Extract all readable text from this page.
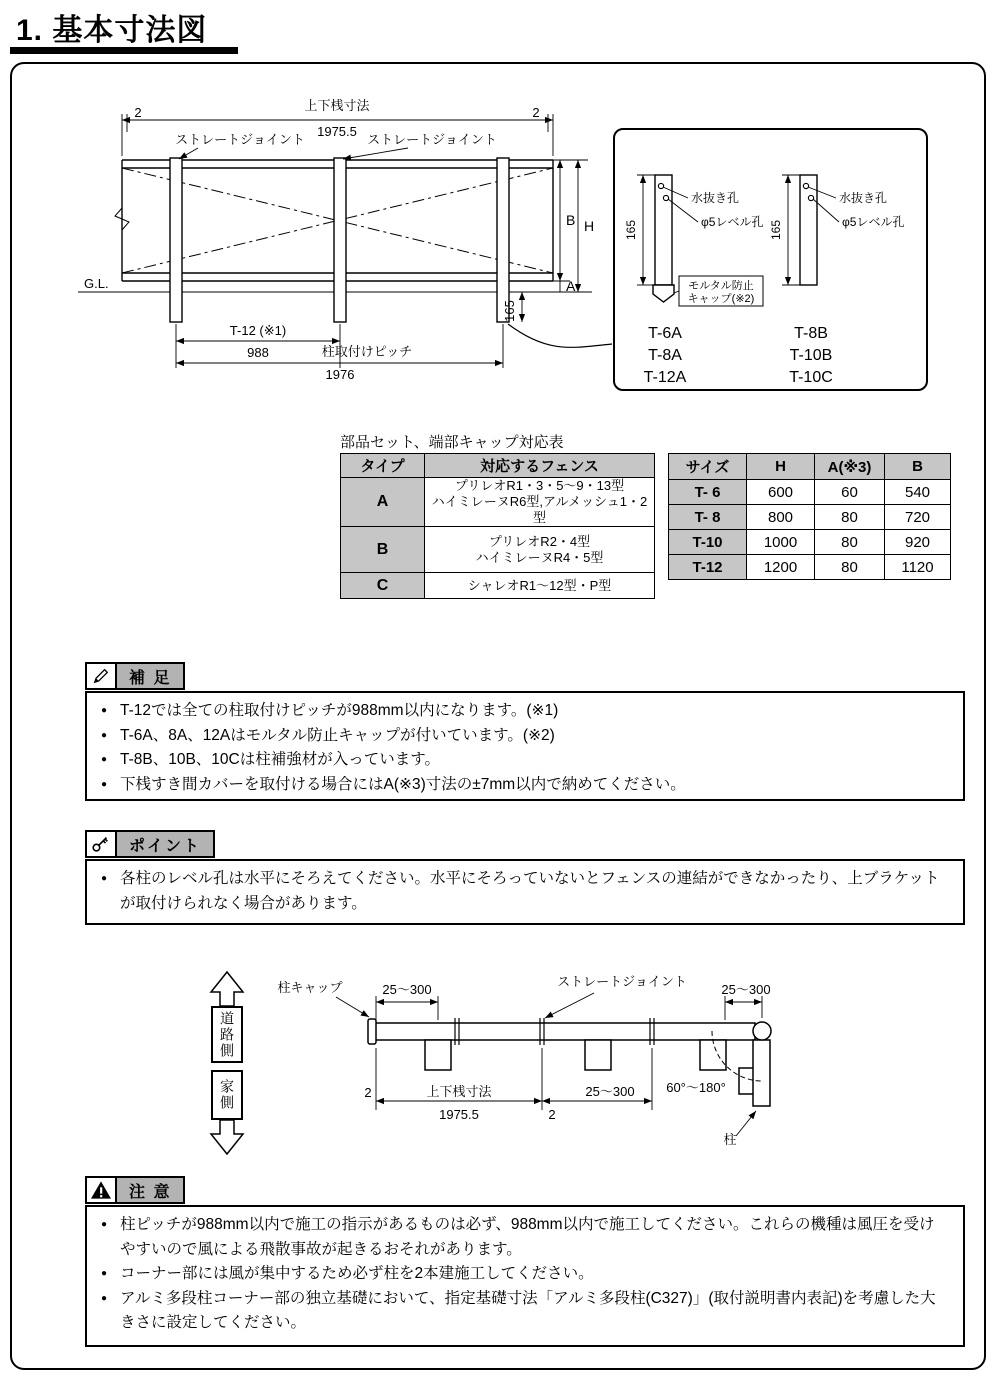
1. 基本寸法図
2	上下桟寸法
1975.5
2
ストレートジョイント	ストレートジョイント
G.L.
B H
A
165
T-12 (※1)
988	柱取付けピッチ
1976
水抜き孔
φ5レベル孔
165
モルタル防止
キャップ(※2)
水抜き孔
φ5レベル孔
165
T-6A
T-8A
T-12A
T-8B
T-10B
T-10C
部品セット、端部キャップ対応表
タイプ	対応するフェンス
A	プリレオR1・3・5〜9・13型
ハイミレーヌR6型,アルメッシュ1・2型

B	プリレオR2・4型
ハイミレーヌR4・5型

C	シャレオR1〜12型・P型
サイズ	H	A(※3)	B
T- 6	600	60	540
T- 8	800	80	720
T-10	1000	80	920
T-12	1200	80	1120
補 足
● T-12では全ての柱取付けピッチが988mm以内になります。(※1)
● T-6A、8A、12Aはモルタル防止キャップが付いています。(※2)
● T-8B、10B、10Cは柱補強材が入っています。
● 下桟すき間カバーを取付ける場合にはA(※3)寸法の±7mm以内で納めてください。
ポイント
● 各柱のレベル孔は水平にそろえてください。水平にそろっていないとフェンスの連結ができなかったり、上ブラケットが取付けられなく場合があります。
柱キャップ	25〜300
ストレートジョイント
25〜300
2	上下桟寸法
1975.5	2
25〜300 60°〜180°
柱
道路側
家側
注 意
● 柱ピッチが988mm以内で施工の指示があるものは必ず、988mm以内で施工してください。これらの機種は風圧を受けやすいので風による飛散事故が起きるおそれがあります。
● コーナー部には風が集中するため必ず柱を2本建施工してください。
● アルミ多段柱コーナー部の独立基礎において、指定基礎寸法「アルミ多段柱(C327)」(取付説明書内表記)を考慮した大きさに設定してください。
